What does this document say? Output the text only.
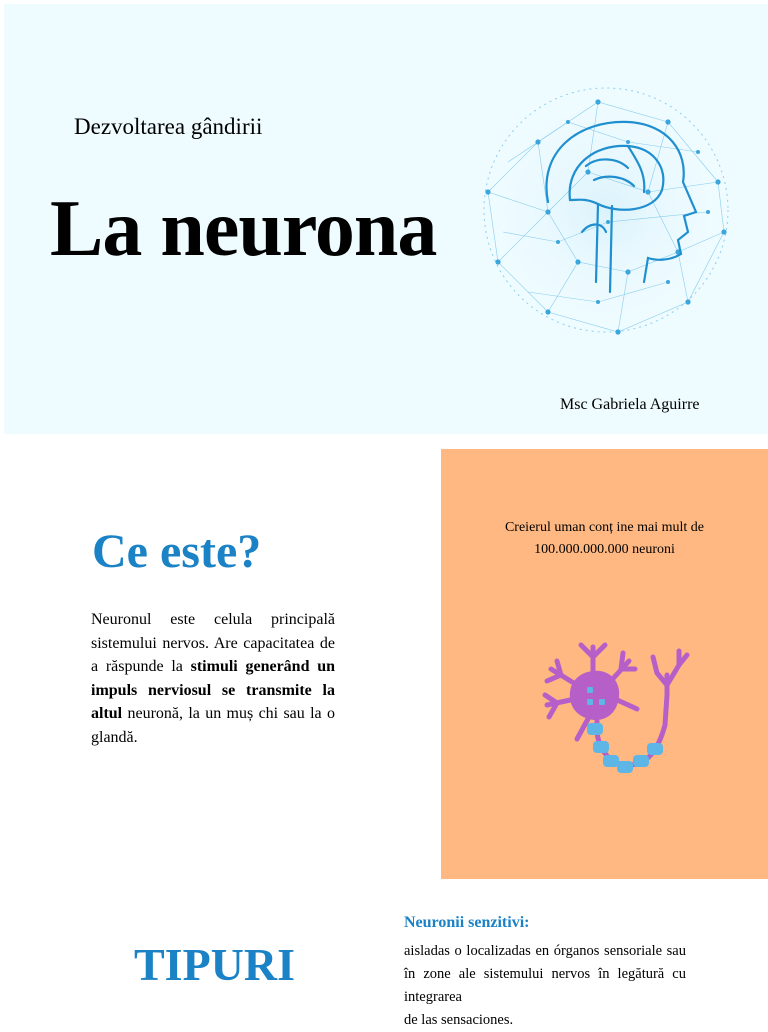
Dezvoltarea gândirii
La neurona
Msc Gabriela Aguirre
Ce este?

Neuronul este celula principală sistemului nervos. Are capacitatea de a răspunde la stimuli generând un impuls nerviosul se transmite la altul neuronă, la un muș chi sau la o glandă.

Creierul uman conț ine mai mult de
100.000.000.000 neuroni
TIPURI
Neuronii senzitivi:

aisladas o localizadas en órganos sensoriale sau în zone ale sistemului nervos în legătură cu integrarea
de las sensaciones.
